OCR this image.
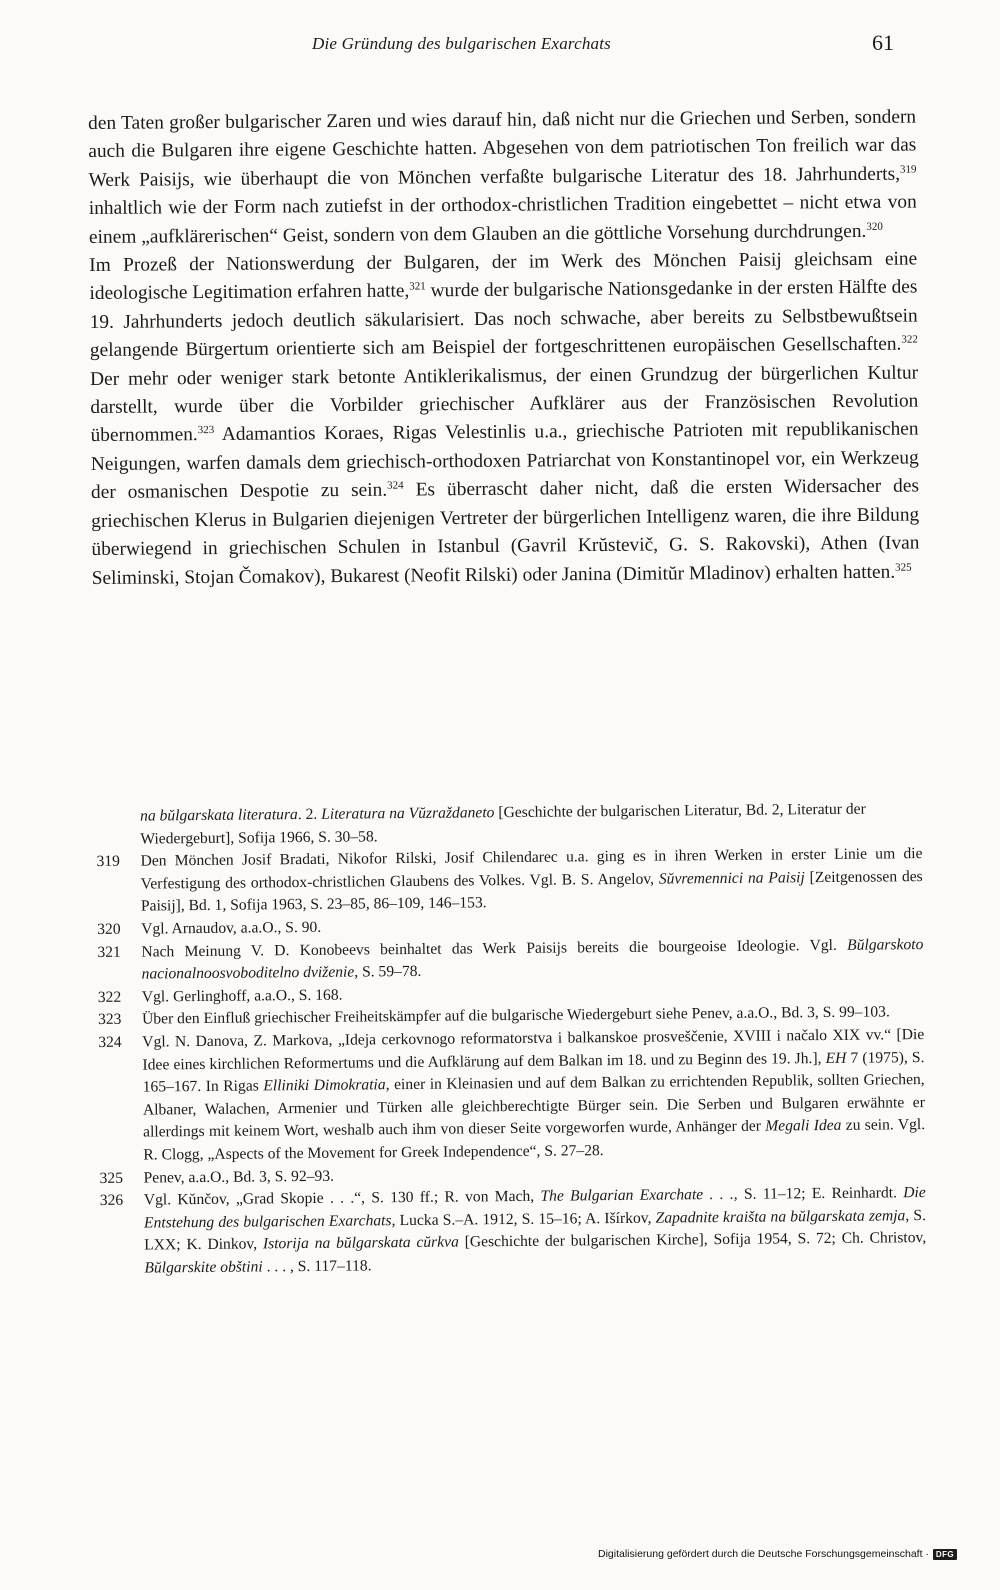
Die Gründung des bulgarischen Exarchats	61

den Taten großer bulgarischer Zaren und wies darauf hin, daß nicht nur die Griechen und Serben, sondern auch die Bulgaren ihre eigene Geschichte hatten. Abgesehen von dem patriotischen Ton freilich war das Werk Paisijs, wie überhaupt die von Mönchen verfaßte bulgarische Literatur des 18. Jahrhunderts,$^{319}$ inhaltlich wie der Form nach zutiefst in der orthodox-christlichen Tradition eingebettet – nicht etwa von einem „aufklärerischen“ Geist, sondern von dem Glauben an die göttliche Vorsehung durchdrungen.$^{320}$

Im Prozeß der Nationswerdung der Bulgaren, der im Werk des Mönchen Paisij gleichsam eine ideologische Legitimation erfahren hatte,$^{321}$ wurde der bulgarische Nationsgedanke in der ersten Hälfte des 19. Jahrhunderts jedoch deutlich säkularisiert. Das noch schwache, aber bereits zu Selbstbewußtsein gelangende Bürgertum orientierte sich am Beispiel der fortgeschrittenen europäischen Gesellschaften.$^{322}$ Der mehr oder weniger stark betonte Antiklerikalismus, der einen Grundzug der bürgerlichen Kultur darstellt, wurde über die Vorbilder griechischer Aufklärer aus der Französischen Revolution übernommen.$^{323}$ Adamantios Koraes, Rigas Velestinlis u.a., griechische Patrioten mit republikanischen Neigungen, warfen damals dem griechisch-orthodoxen Patriarchat von Konstantinopel vor, ein Werkzeug der osmanischen Despotie zu sein.$^{324}$ Es überrascht daher nicht, daß die ersten Widersacher des griechischen Klerus in Bulgarien diejenigen Vertreter der bürgerlichen Intelligenz waren, die ihre Bildung überwiegend in griechischen Schulen in Istanbul (Gavril Krŭstevič, G. S. Rakovski), Athen (Ivan Seliminski, Stojan Čomakov), Bukarest (Neofit Rilski) oder Janina (Dimitŭr Mladinov) erhalten hatten.$^{325}$

na bŭlgarskata literatura. 2. Literatura na Vŭzraždaneto [Geschichte der bulgarischen Literatur, Bd. 2, Literatur der Wiedergeburt], Sofija 1966, S. 30–58.
319	Den Mönchen Josif Bradati, Nikofor Rilski, Josif Chilendarec u.a. ging es in ihren Werken in erster Linie um die Verfestigung des orthodox-christlichen Glaubens des Volkes. Vgl. B. S. Angelov, Sŭvremennici na Paisij [Zeitgenossen des Paisij], Bd. 1, Sofija 1963, S. 23–85, 86–109, 146–153.
320	Vgl. Arnaudov, a.a.O., S. 90.
321	Nach Meinung V. D. Konobeevs beinhaltet das Werk Paisijs bereits die bourgeoise Ideologie. Vgl. Bŭlgarskoto nacionalnoosvoboditelno dviženie, S. 59–78.
322	Vgl. Gerlinghoff, a.a.O., S. 168.
323	Über den Einfluß griechischer Freiheitskämpfer auf die bulgarische Wiedergeburt siehe Penev, a.a.O., Bd. 3, S. 99–103.
324	Vgl. N. Danova, Z. Markova, „Ideja cerkovnogo reformatorstva i balkanskoe prosveščenie, XVIII i načalo XIX vv.“ [Die Idee eines kirchlichen Reformertums und die Aufklärung auf dem Balkan im 18. und zu Beginn des 19. Jh.], EH 7 (1975), S. 165–167. In Rigas Elliniki Dimokratia, einer in Kleinasien und auf dem Balkan zu errichtenden Republik, sollten Griechen, Albaner, Walachen, Armenier und Türken alle gleichberechtigte Bürger sein. Die Serben und Bulgaren erwähnte er allerdings mit keinem Wort, weshalb auch ihm von dieser Seite vorgeworfen wurde, Anhänger der Megali Idea zu sein. Vgl. R. Clogg, „Aspects of the Movement for Greek Independence“, S. 27–28.
325	Penev, a.a.O., Bd. 3, S. 92–93.
326	Vgl. Kŭnčov, „Grad Skopie . . .“, S. 130 ff.; R. von Mach, The Bulgarian Exarchate . . ., S. 11–12; E. Reinhardt. Die Entstehung des bulgarischen Exarchats, Lucka S.–A. 1912, S. 15–16; A. Išírkov, Zapadnite kraišta na bŭlgarskata zemja, S. LXX; K. Dinkov, Istorija na bŭlgarskata cŭrkva [Geschichte der bulgarischen Kirche], Sofija 1954, S. 72; Ch. Christov, Bŭlgarskite obštini . . . , S. 117–118.
Digitalisierung gefördert durch die Deutsche Forschungsgemeinschaft · DFG
